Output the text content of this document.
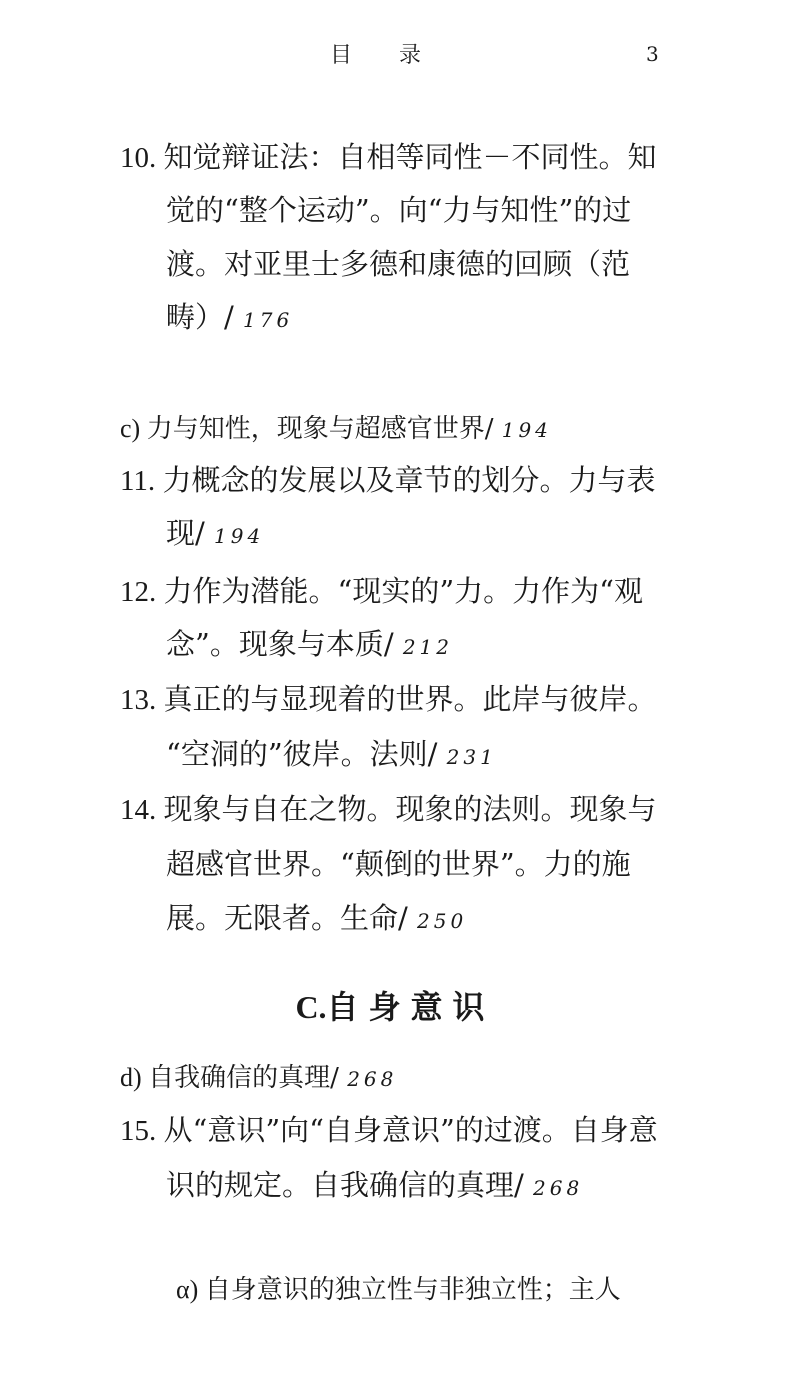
目 录	3
10. 知觉辩证法：自相等同性－不同性。知
觉的“整个运动”。向“力与知性”的过
渡。对亚里士多德和康德的回顾（范
畴）/ 176
c) 力与知性，现象与超感官世界/ 194
11. 力概念的发展以及章节的划分。力与表
现/ 194
12. 力作为潜能。“现实的”力。力作为“观
念”。现象与本质/ 212
13. 真正的与显现着的世界。此岸与彼岸。
“空洞的”彼岸。法则/ 231
14. 现象与自在之物。现象的法则。现象与
超感官世界。“颠倒的世界”。力的施
展。无限者。生命/ 250
C.自身意识
d) 自我确信的真理/ 268
15. 从“意识”向“自身意识”的过渡。自身意
识的规定。自我确信的真理/ 268
α) 自身意识的独立性与非独立性；主人
